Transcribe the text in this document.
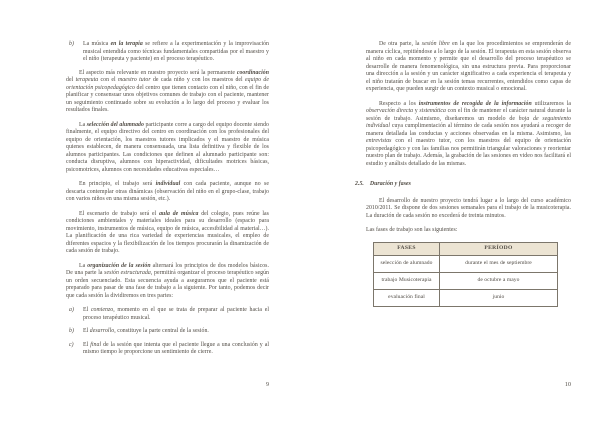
b) La música en la terapia se refiere a la experimentación y la improvisación musical entendida como técnicas fundamentales compartidas por el maestro y el niño (terapeuta y paciente) en el proceso terapéutico.

El aspecto más relevante en nuestro proyecto será la permanente coordinación del terapeuta con el maestro tutor de cada niño y con los maestros del equipo de orientación psicopedagógico del centro que tienen contacto con el niño, con el fin de planificar y consensuar unos objetivos comunes de trabajo con el paciente, mantener un seguimiento continuado sobre su evolución a lo largo del proceso y evaluar los resultados finales.

La selección del alumnado participante corre a cargo del equipo docente siendo finalmente, el equipo directivo del centro en coordinación con los profesionales del equipo de orientación, los maestros tutores implicados y el maestro de música quienes establecen, de manera consensuada, una lista definitiva y flexible de los alumnos participantes. Las condiciones que definen al alumnado participante son: conducta disruptiva, alumnos con hiperactividad, dificultades motrices básicas, psicomotrices, alumnos con necesidades educativas especiales…

En principio, el trabajo será individual con cada paciente, aunque no se descarta contemplar otras dinámicas (observación del niño en el grupo-clase, trabajo con varios niños en una misma sesión, etc.).

El escenario de trabajo será el aula de música del colegio, pues reúne las condiciones ambientales y materiales ideales para su desarrollo (espacio para movimiento, instrumentos de música, equipo de música, accesibilidad al material…). La planificación de una rica variedad de experiencias musicales, el empleo de diferentes espacios y la flexibilización de los tiempos procurarán la dinamización de cada sesión de trabajo.

La organización de la sesión alternará los principios de dos modelos básicos. De una parte la sesión estructurada, permitirá organizar el proceso terapéutico según un orden secuenciado. Esta secuencia ayuda a asegurarnos que el paciente está preparado para pasar de una fase de trabajo a la siguiente. Por tanto, podemos decir que cada sesión la dividiremos en tres partes:

a) El comienzo, momento en el que se trata de preparar al paciente hacia el proceso terapéutico musical.
b) El desarrollo, constituye la parte central de la sesión.
c) El final de la sesión que intenta que el paciente llegue a una conclusión y al mismo tiempo le proporcione un sentimiento de cierre.
9

De otra parte, la sesión libre en la que los procedimientos se emprenderán de manera cíclica, repitiéndose a lo largo de la sesión. El terapeuta en esta sesión observa al niño en cada momento y permite que el desarrollo del proceso terapéutico se desarrolle de manera fenomenológica, sin una estructura previa. Para proporcionar una dirección a la sesión y un carácter significativo a cada experiencia el terapeuta y el niño tratarán de buscar en la sesión temas recurrentes, entendidos como capas de experiencia, que pueden surgir de un contexto musical o emocional.

Respecto a los instrumentos de recogida de la información utilizaremos la observación directa y sistemática con el fin de mantener el carácter natural durante la sesión de trabajo. Asimismo, diseñaremos un modelo de hoja de seguimiento individual cuya cumplimentación al término de cada sesión nos ayudará a recoger de manera detallada las conductas y acciones observadas en la misma. Asimismo, las entrevistas con el maestro tutor, con los maestros del equipo de orientación psicopedagógico y con las familias nos permitirán triangular valoraciones y reorientar nuestro plan de trabajo. Además, la grabación de las sesiones en video nos facilitará el estudio y análisis detallado de las mismas.

2.5. Duración y fases

El desarrollo de nuestro proyecto tendrá lugar a lo largo del curso académico 2010/2011. Se dispone de dos sesiones semanales para el trabajo de la musicoterapia. La duración de cada sesión no excederá de treinta minutos.

Las fases de trabajo son las siguientes:

FASES	PERÍODO
selección de alumnado	durante el mes de septiembre
trabajo Musicoterapia	de octubre a mayo
evaluación final	junio
10
